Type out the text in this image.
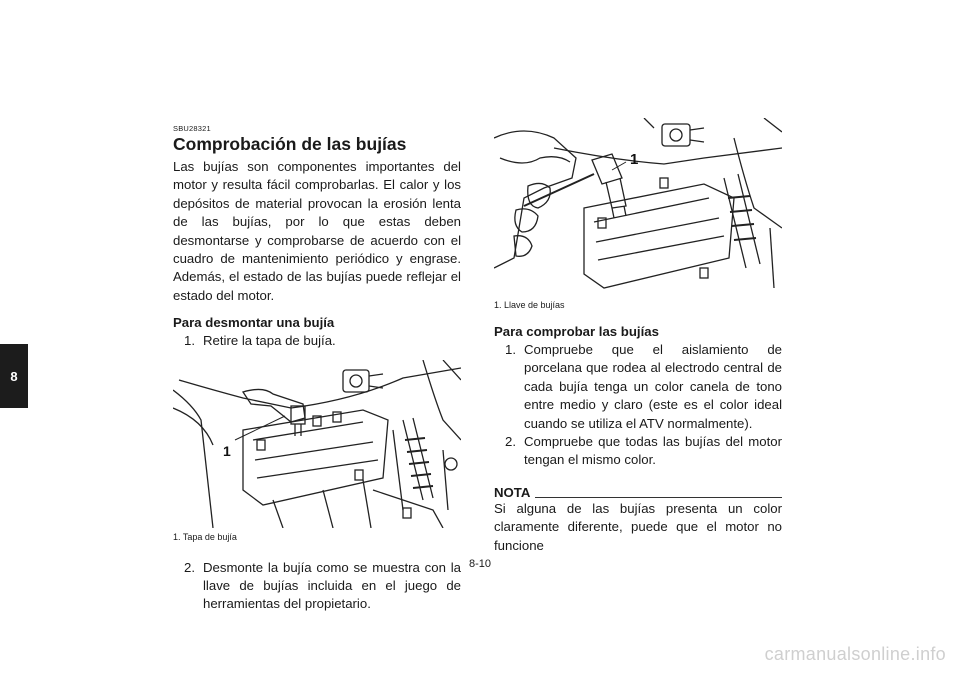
8
SBU28321
Comprobación de las bujías

Las bujías son componentes importantes del motor y resulta fácil comprobarlas. El calor y los depósitos de material provocan la erosión lenta de las bujías, por lo que estas deben desmontarse y comprobarse de acuerdo con el cuadro de mantenimiento periódico y engrase. Además, el estado de las bujías puede reflejar el estado del motor.

Para desmontar una bujía
1. Retire la tapa de bujía.
1
1. Tapa de bujía
2. Desmonte la bujía como se muestra con la llave de bujías incluida en el juego de herramientas del propietario.
1
1. Llave de bujías
Para comprobar las bujías
1. Compruebe que el aislamiento de porcelana que rodea al electrodo central de cada bujía tenga un color canela de tono entre medio y claro (este es el color ideal cuando se utiliza el ATV normalmente).
2. Compruebe que todas las bujías del motor tengan el mismo color.
NOTA

Si alguna de las bujías presenta un color claramente diferente, puede que el motor no funcione

8-10
carmanualsonline.info
